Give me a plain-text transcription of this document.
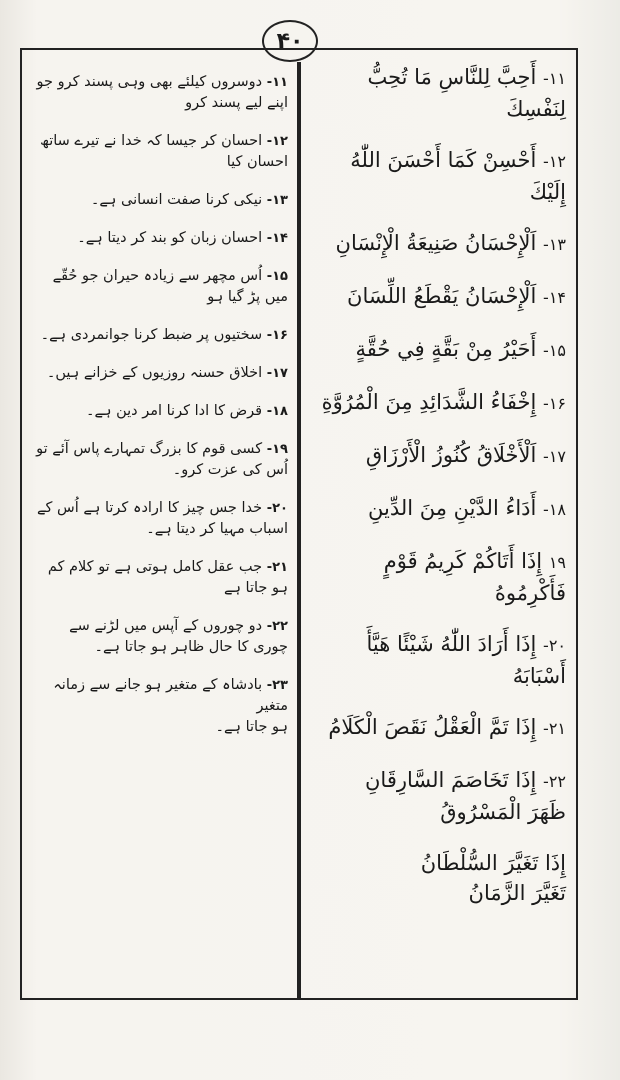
۴۰
۱۱- أَحِبَّ لِلنَّاسِ مَا تُحِبُّ لِنَفْسِكَ
۱۲- أَحْسِنْ كَمَا أَحْسَنَ اللّٰهُ إِلَيْكَ
۱۳- اَلْإِحْسَانُ صَنِيعَةُ الْإِنْسَانِ
۱۴- اَلْإِحْسَانُ يَقْطَعُ اللِّسَانَ
۱۵- أَحَيْرُ مِنْ بَقَّةٍ فِي حُقَّةٍ
۱۶- إِخْفَاءُ الشَّدَائِدِ مِنَ الْمُرُوَّةِ
۱۷- اَلْأَخْلَاقُ كُنُوزُ الْأَرْزَاقِ
۱۸- أَدَاءُ الدَّيْنِ مِنَ الدِّينِ
۱۹ إِذَا أَتَاكُمْ كَرِيمُ قَوْمٍ
فَأَكْرِمُوهُ
۲۰- إِذَا أَرَادَ اللّٰهُ شَيْئًا هَيَّأَ
أَسْبَابَهُ
۲۱- إِذَا تَمَّ الْعَقْلُ نَقَصَ الْكَلَامُ
۲۲- إِذَا تَخَاصَمَ السَّارِقَانِ
ظَهَرَ الْمَسْرُوقُ
إِذَا تَغَيَّرَ السُّلْطَانُ
تَغَيَّرَ الزَّمَانُ
۱۱- دوسروں کیلئے بھی وہی پسند کرو جو اپنے لیے پسند کرو
۱۲- احسان کر جیسا کہ خدا نے تیرے ساتھ احسان کیا
۱۳- نیکی کرنا صفت انسانی ہے۔
۱۴- احسان زبان کو بند کر دیتا ہے۔
۱۵- اُس مچھر سے زیادہ حیران جو حُقّے میں پڑ گیا ہو
۱۶- سختیوں پر ضبط کرنا جوانمردی ہے۔
۱۷- اخلاق حسنہ روزیوں کے خزانے ہیں۔
۱۸- قرض کا ادا کرنا امر دین ہے۔
۱۹- کسی قوم کا بزرگ تمہارے پاس آئے تو
اُس کی عزت کرو۔
۲۰- خدا جس چیز کا ارادہ کرتا ہے اُس کے
اسباب مہیا کر دیتا ہے۔
۲۱- جب عقل کامل ہوتی ہے تو کلام کم ہو جاتا ہے
۲۲- دو چوروں کے آپس میں لڑنے سے
چوری کا حال ظاہر ہو جاتا ہے۔
۲۳- بادشاہ کے متغیر ہو جانے سے زمانہ متغیر
ہو جاتا ہے۔
